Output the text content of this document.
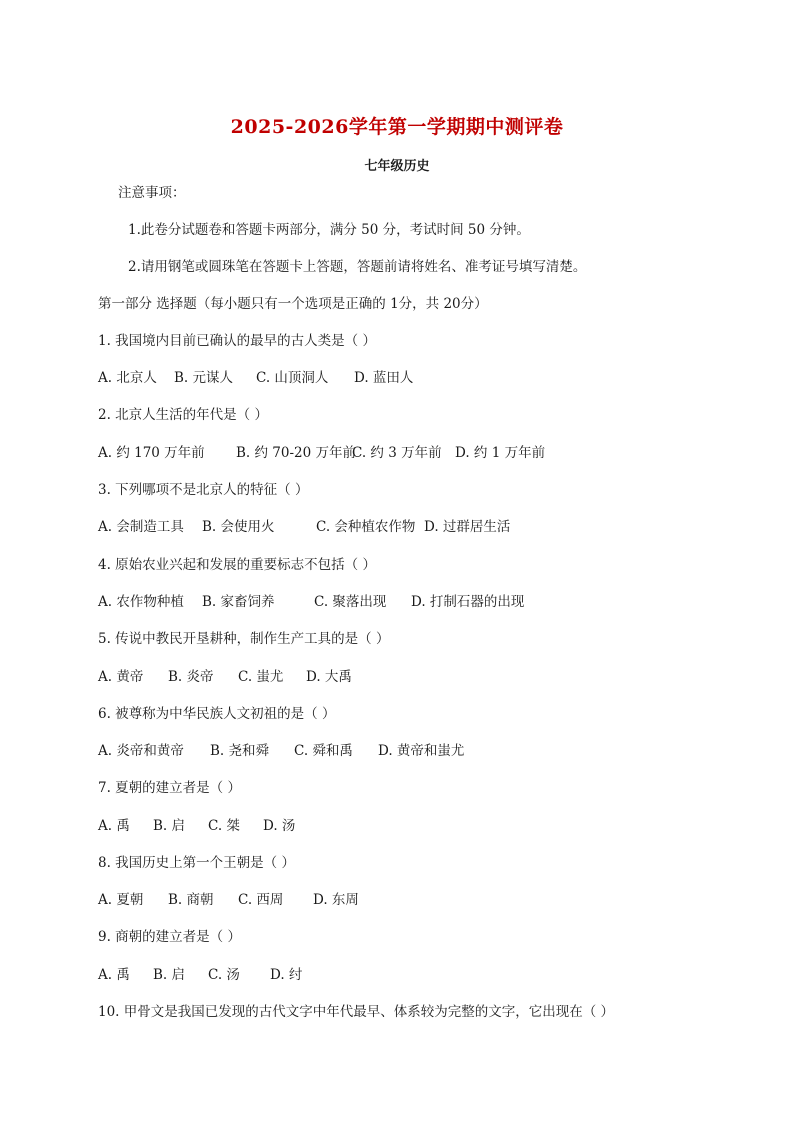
2025-2026学年第一学期期中测评卷
七年级历史
注意事项：
1.此卷分试题卷和答题卡两部分，满分 50 分，考试时间 50 分钟。
2.请用钢笔或圆珠笔在答题卡上答题，答题前请将姓名、准考证号填写清楚。
第一部分 选择题（每小题只有一个选项是正确的 1分，共 20分）
1. 我国境内目前已确认的最早的古人类是（ ）
A. 北京人 B. 元谋人 C. 山顶洞人 D. 蓝田人
2. 北京人生活的年代是（ ）
A. 约 170 万年前 B. 约 70-20 万年前C. 约 3 万年前 D. 约 1 万年前
3. 下列哪项不是北京人的特征（ ）
A. 会制造工具 B. 会使用火	C. 会种植农作物 D. 过群居生活
4. 原始农业兴起和发展的重要标志不包括（ ）
A. 农作物种植 B. 家畜饲养	C. 聚落出现 D. 打制石器的出现
5. 传说中教民开垦耕种，制作生产工具的是（ ）
A. 黄帝 B. 炎帝 C. 蚩尤 D. 大禹
6. 被尊称为中华民族人文初祖的是（ ）
A. 炎帝和黄帝 B. 尧和舜 C. 舜和禹 D. 黄帝和蚩尤
7. 夏朝的建立者是（ ）
A. 禹 B. 启 C. 桀 D. 汤
8. 我国历史上第一个王朝是（ ）
A. 夏朝 B. 商朝 C. 西周 D. 东周
9. 商朝的建立者是（ ）
A. 禹 B. 启 C. 汤 D. 纣
10. 甲骨文是我国已发现的古代文字中年代最早、体系较为完整的文字，它出现在（ ）
